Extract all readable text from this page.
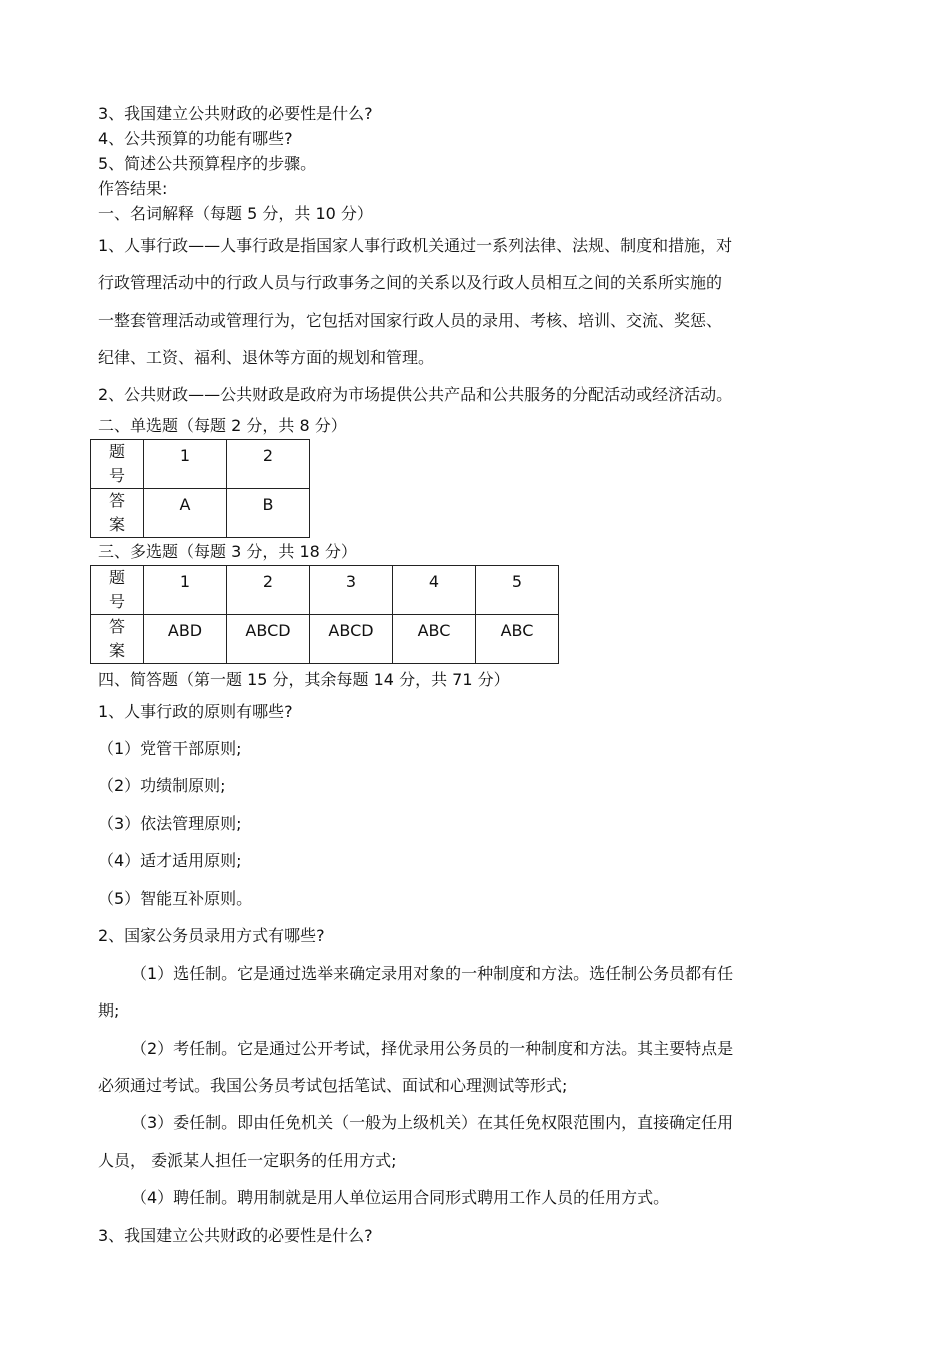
3、我国建立公共财政的必要性是什么?
4、公共预算的功能有哪些?
5、简述公共预算程序的步骤。
作答结果:
一、名词解释（每题 5 分，共 10 分）
1、人事行政——人事行政是指国家人事行政机关通过一系列法律、法规、制度和措施，对
行政管理活动中的行政人员与行政事务之间的关系以及行政人员相互之间的关系所实施的
一整套管理活动或管理行为，它包括对国家行政人员的录用、考核、培训、交流、奖惩、
纪律、工资、福利、退休等方面的规划和管理。
2、公共财政——公共财政是政府为市场提供公共产品和公共服务的分配活动或经济活动。
二、单选题（每题 2 分，共 8 分）
题
号	1	2
答
案	A	B
三、多选题（每题 3 分，共 18 分）
题
号	1	2	3	4	5
答
案	ABD	ABCD	ABCD	ABC	ABC
四、简答题（第一题 15 分，其余每题 14 分，共 71 分）
1、人事行政的原则有哪些?
（1）党管干部原则;
（2）功绩制原则;
（3）依法管理原则;
（4）适才适用原则;
（5）智能互补原则。
2、国家公务员录用方式有哪些?
（1）选任制。它是通过选举来确定录用对象的一种制度和方法。选任制公务员都有任
期;
（2）考任制。它是通过公开考试，择优录用公务员的一种制度和方法。其主要特点是
必须通过考试。我国公务员考试包括笔试、面试和心理测试等形式;
（3）委任制。即由任免机关（一般为上级机关）在其任免权限范围内，直接确定任用
人员， 委派某人担任一定职务的任用方式;
（4）聘任制。聘用制就是用人单位运用合同形式聘用工作人员的任用方式。
3、我国建立公共财政的必要性是什么?
